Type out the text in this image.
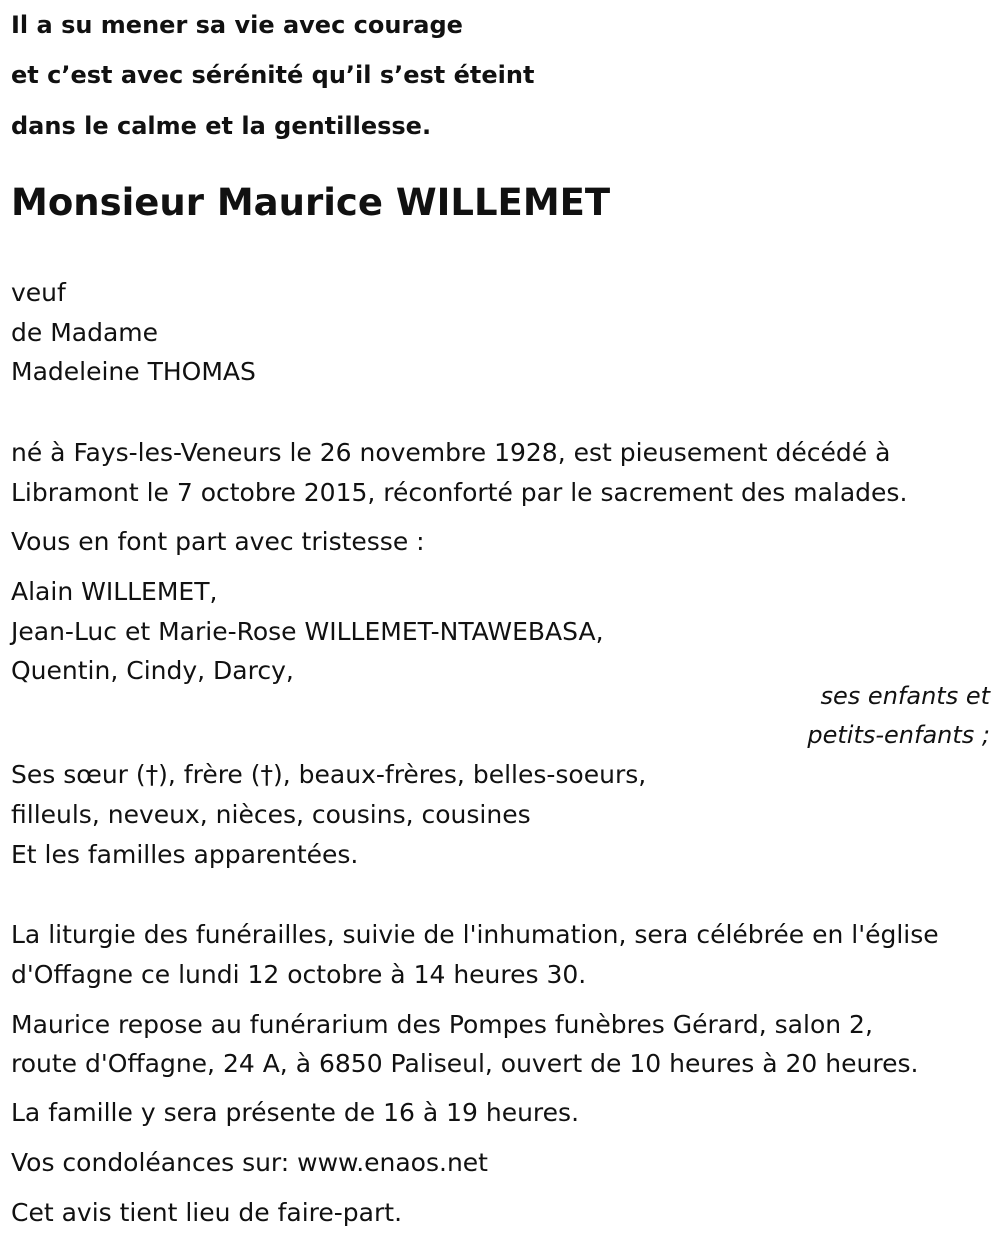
Il a su mener sa vie avec courage
et c’est avec sérénité qu’il s’est éteint
dans le calme et la gentillesse.
Monsieur Maurice WILLEMET
veuf
de Madame
Madeleine THOMAS
né à Fays-les-Veneurs le 26 novembre 1928, est pieusement décédé à
Libramont le 7 octobre 2015, réconforté par le sacrement des malades.
Vous en font part avec tristesse :
Alain WILLEMET,
Jean-Luc et Marie-Rose WILLEMET-NTAWEBASA,
Quentin, Cindy, Darcy,
ses enfants et
petits-enfants ;
Ses sœur (†), frère (†), beaux-frères, belles-soeurs,
filleuls, neveux, nièces, cousins, cousines
Et les familles apparentées.
La liturgie des funérailles, suivie de l'inhumation, sera célébrée en l'église
d'Offagne ce lundi 12 octobre à 14 heures 30.
Maurice repose au funérarium des Pompes funèbres Gérard, salon 2,
route d'Offagne, 24 A, à 6850 Paliseul, ouvert de 10 heures à 20 heures.
La famille y sera présente de 16 à 19 heures.
Vos condoléances sur: www.enaos.net
Cet avis tient lieu de faire-part.
